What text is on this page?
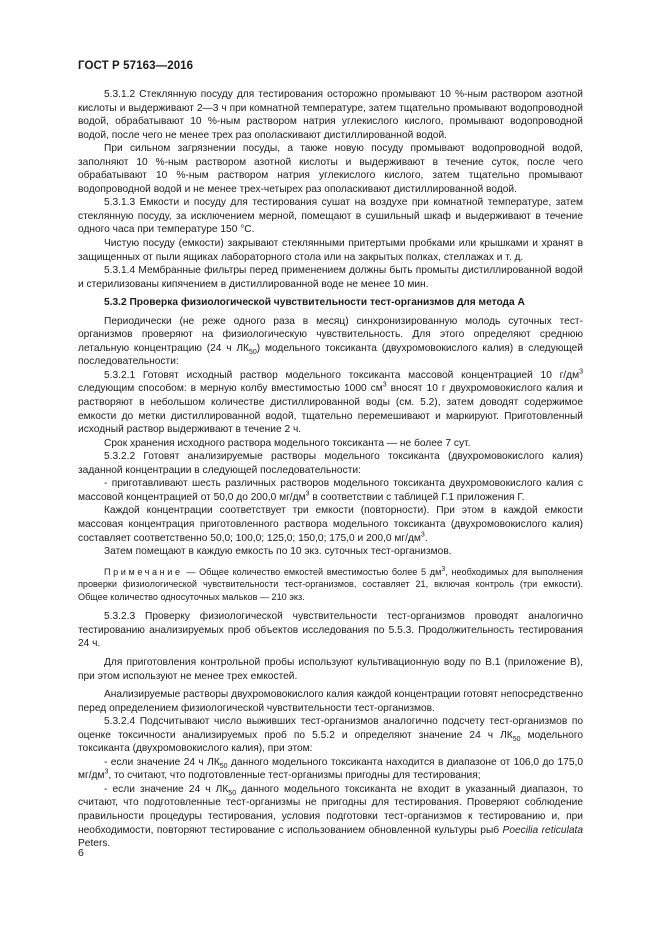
ГОСТ Р 57163—2016

5.3.1.2 Стеклянную посуду для тестирования осторожно промывают 10 %-ным раствором азотной кислоты и выдерживают 2—3 ч при комнатной температуре, затем тщательно промывают водопроводной водой, обрабатывают 10 %-ным раствором натрия углекислого кислого, промывают водопроводной водой, после чего не менее трех раз ополаскивают дистиллированной водой.

При сильном загрязнении посуды, а также новую посуду промывают водопроводной водой, заполняют 10 %-ным раствором азотной кислоты и выдерживают в течение суток, после чего обрабатывают 10 %-ным раствором натрия углекислого кислого, затем тщательно промывают водопроводной водой и не менее трех-четырех раз ополаскивают дистиллированной водой.

5.3.1.3 Емкости и посуду для тестирования сушат на воздухе при комнатной температуре, затем стеклянную посуду, за исключением мерной, помещают в сушильный шкаф и выдерживают в течение одного часа при температуре 150 °С.

Чистую посуду (емкости) закрывают стеклянными притертыми пробками или крышками и хранят в защищенных от пыли ящиках лабораторного стола или на закрытых полках, стеллажах и т. д.

5.3.1.4 Мембранные фильтры перед применением должны быть промыты дистиллированной водой и стерилизованы кипячением в дистиллированной воде не менее 10 мин.

5.3.2 Проверка физиологической чувствительности тест-организмов для метода А

Периодически (не реже одного раза в месяц) синхронизированную молодь суточных тест-организмов проверяют на физиологическую чувствительность. Для этого определяют среднюю летальную концентрацию (24 ч $ЛК_{50}$) модельного токсиканта (двухромовокислого калия) в следующей последовательности:

5.3.2.1 Готовят исходный раствор модельного токсиканта массовой концентрацией 10 $г/дм^3$ следующим способом: в мерную колбу вместимостью 1000 $см^3$ вносят 10 г двухромовокислого калия и растворяют в небольшом количестве дистиллированной воды (см. 5.2), затем доводят содержимое емкости до метки дистиллированной водой, тщательно перемешивают и маркируют. Приготовленный исходный раствор выдерживают в течение 2 ч.

Срок хранения исходного раствора модельного токсиканта — не более 7 сут.

5.3.2.2 Готовят анализируемые растворы модельного токсиканта (двухромовокислого калия) заданной концентрации в следующей последовательности:

- приготавливают шесть различных растворов модельного токсиканта двухромовокислого калия с массовой концентрацией от 50,0 до 200,0 $мг/дм^3$ в соответствии с таблицей Г.1 приложения Г.

Каждой концентрации соответствует три емкости (повторности). При этом в каждой емкости массовая концентрация приготовленного раствора модельного токсиканта (двухромовокислого калия) составляет соответственно 50,0; 100,0; 125,0; 150,0; 175,0 и 200,0 $мг/дм^3$.

Затем помещают в каждую емкость по 10 экз. суточных тест-организмов.

Примечание — Общее количество емкостей вместимостью более 5 $дм^3$, необходимых для выполнения проверки физиологической чувствительности тест-организмов, составляет 21, включая контроль (три емкости). Общее количество односуточных мальков — 210 экз.

5.3.2.3 Проверку физиологической чувствительности тест-организмов проводят аналогично тестированию анализируемых проб объектов исследования по 5.5.3. Продолжительность тестирования 24 ч.

Для приготовления контрольной пробы используют культивационную воду по В.1 (приложение В), при этом используют не менее трех емкостей.

Анализируемые растворы двухромовокислого калия каждой концентрации готовят непосредственно перед определением физиологической чувствительности тест-организмов.

5.3.2.4 Подсчитывают число выживших тест-организмов аналогично подсчету тест-организмов по оценке токсичности анализируемых проб по 5.5.2 и определяют значение 24 ч $ЛК_{50}$ модельного токсиканта (двухромовокислого калия), при этом:

- если значение 24 ч $ЛК_{50}$ данного модельного токсиканта находится в диапазоне от 106,0 до 175,0 $мг/дм^3$, то считают, что подготовленные тест-организмы пригодны для тестирования;

- если значение 24 ч $ЛК_{50}$ данного модельного токсиканта не входит в указанный диапазон, то считают, что подготовленные тест-организмы не пригодны для тестирования. Проверяют соблюдение правильности процедуры тестирования, условия подготовки тест-организмов к тестированию и, при необходимости, повторяют тестирование с использованием обновленной культуры рыб Poecilia reticulata Peters.

6
